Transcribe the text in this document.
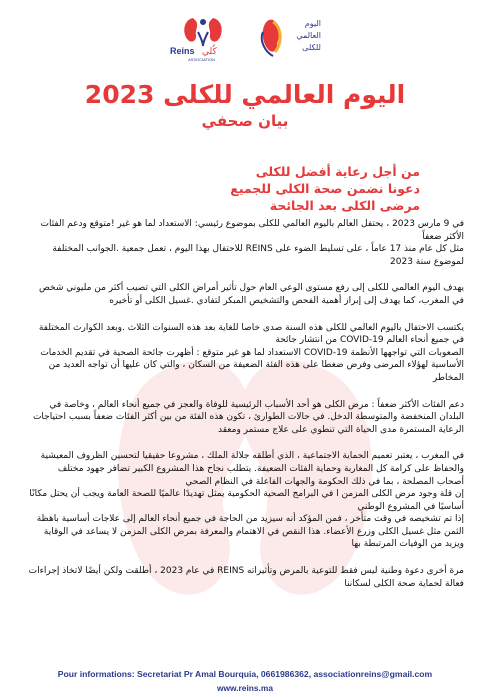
Reins كُلي
ASSOCIATION
اليوم
العالمي
للكلى
اليوم العالمي للكلى 2023
بيان صحفي
من أجل رعاية أفضل للكلى
دعونا نضمن صحة الكلى للجميع
مرضى الكلى بعد الجائحة

في 9 مارس 2023 ، يحتفل العالم باليوم العالمي للكلى بموضوع رئيسي: الاستعداد لما هو غير !متوقع ودعم الفئات الأكثر ضعفاً

مثل كل عام منذ 17 عاماً ، على تسليط الضوء على REINS للاحتفال بهذا اليوم ، تعمل جمعية .الجوانب المختلفة لموضوع سنة 2023

يهدف اليوم العالمي للكلى إلى رفع مستوى الوعي العام حول تأثير أمراض الكلى التي تصيب أكثر من مليوني شخص في المغرب، كما يهدف إلى إبراز أهمية الفحص والتشخيص المبكر لتفادي .غسيل الكلى أو تأخيره

يكتسب الاحتفال باليوم العالمي للكلى هذه السنة صدى خاصا للغاية بعد هذه السنوات الثلاث .وبعد الكوارث المختلفة في جميع أنحاء العالم COVID-19 من انتشار جائحة

الصعوبات التي تواجهها الأنظمة COVID-19 الاستعداد لما هو غير متوقع : أظهرت جائحة الصحية في تقديم الخدمات الأساسية لهؤلاء المرضى وفرض ضغطا على هذه الفئة الضعيفة من السكان ، والتي كان عليها أن تواجه العديد من المخاطر

دعم الفئات الأكثر ضعفاً : مرض الكلى هو أحد الأسباب الرئيسية للوفاة والعجز في جميع أنحاء العالم ، وخاصة في البلدان المنخفضة والمتوسطة الدخل. في حالات الطوارئ ، تكون هذه الفئة من بين أكثر الفئات ضعفاً بسبب احتياجات الرعاية المستمرة مدى الحياة التي تنطوي على علاج مستمر ومعقد

في المغرب ، يعتبر تعميم الحماية الاجتماعية ، الذي أطلقه جلالة الملك ، مشروعا حقيقيا لتحسين الظروف المعيشية والحفاظ على كرامة كل المغاربة وحماية الفئات الضعيفة. يتطلب نجاح هذا المشروع الكبير تضافر جهود مختلف أصحاب المصلحة ، بما في ذلك الحكومة والجهات الفاعلة في النظام الصحي

إن قلة وجود مرض الكلى المزمن ا في البرامج الصحية الحكومية يمثل تهديدًا عالميًا للصحة العامة ويجب أن يحتل مكانًا أساسيًا في المشروع الوطني

إذا تم تشخيصه في وقت متأخر ، فمن المؤكد أنه سيزيد من الحاجة في جميع أنحاء العالم إلى علاجات أساسية باهظة الثمن مثل غسيل الكلى وزرع الأعضاء. هذا النقص في الاهتمام والمعرفة بمرض الكلى المزمن لا يساعد في الوقاية ويزيد من الوفيات المرتبطة بها

مرة أخرى دعوة وطنية ليس فقط للتوعية بالمرض وتأثيراته REINS في عام 2023 ، أطلقت ولكن أيضًا لاتخاذ إجراءات فعالة لحماية صحة الكلى لسكاننا

Pour informations: Secretariat Pr Amal Bourquia, 0661986362, associationreins@gmail.com
www.reins.ma
